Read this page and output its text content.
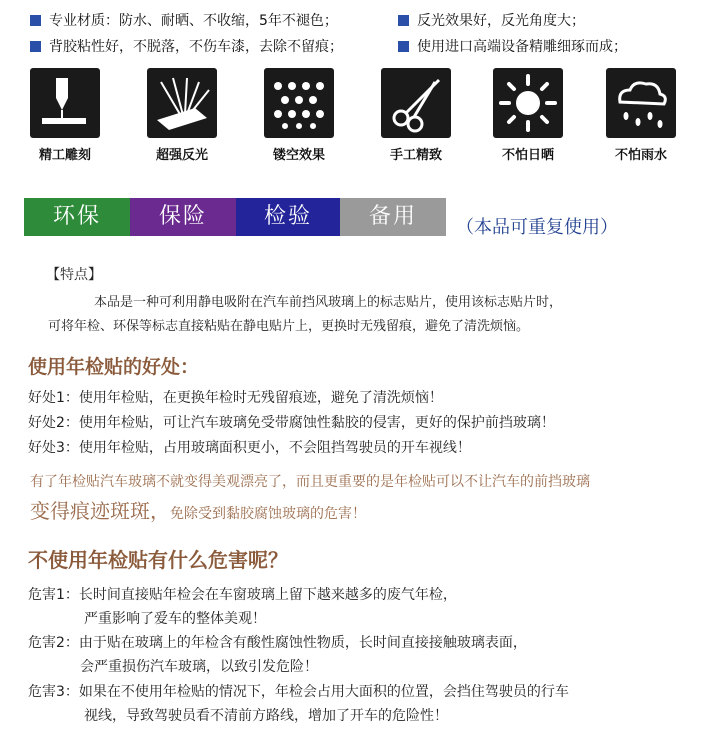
专业材质：防水、耐晒、不收缩，5年不褪色；	反光效果好，反光角度大；
背胶粘性好，不脱落，不伤车漆，去除不留痕；	使用进口高端设备精雕细琢而成；
精工雕刻	超强反光	镂空效果	手工精致	不怕日晒	不怕雨水
环保	保险	检验	备用	（本品可重复使用）
【特点】
本品是一种可利用静电吸附在汽车前挡风玻璃上的标志贴片，使用该标志贴片时，
可将年检、环保等标志直接粘贴在静电贴片上，更换时无残留痕，避免了清洗烦恼。
使用年检贴的好处：
好处1：使用年检贴，在更换年检时无残留痕迹，避免了清洗烦恼！
好处2：使用年检贴，可让汽车玻璃免受带腐蚀性黏胶的侵害，更好的保护前挡玻璃！
好处3：使用年检贴，占用玻璃面积更小，不会阻挡驾驶员的开车视线！
有了年检贴汽车玻璃不就变得美观漂亮了，而且更重要的是年检贴可以不让汽车的前挡玻璃
变得痕迹斑斑，免除受到黏胶腐蚀玻璃的危害！
不使用年检贴有什么危害呢？
危害1：长时间直接贴年检会在车窗玻璃上留下越来越多的废气年检，
严重影响了爱车的整体美观！
危害2：由于贴在玻璃上的年检含有酸性腐蚀性物质，长时间直接接触玻璃表面，
会严重损伤汽车玻璃，以致引发危险！
危害3：如果在不使用年检贴的情况下，年检会占用大面积的位置，会挡住驾驶员的行车
视线，导致驾驶员看不清前方路线，增加了开车的危险性！
